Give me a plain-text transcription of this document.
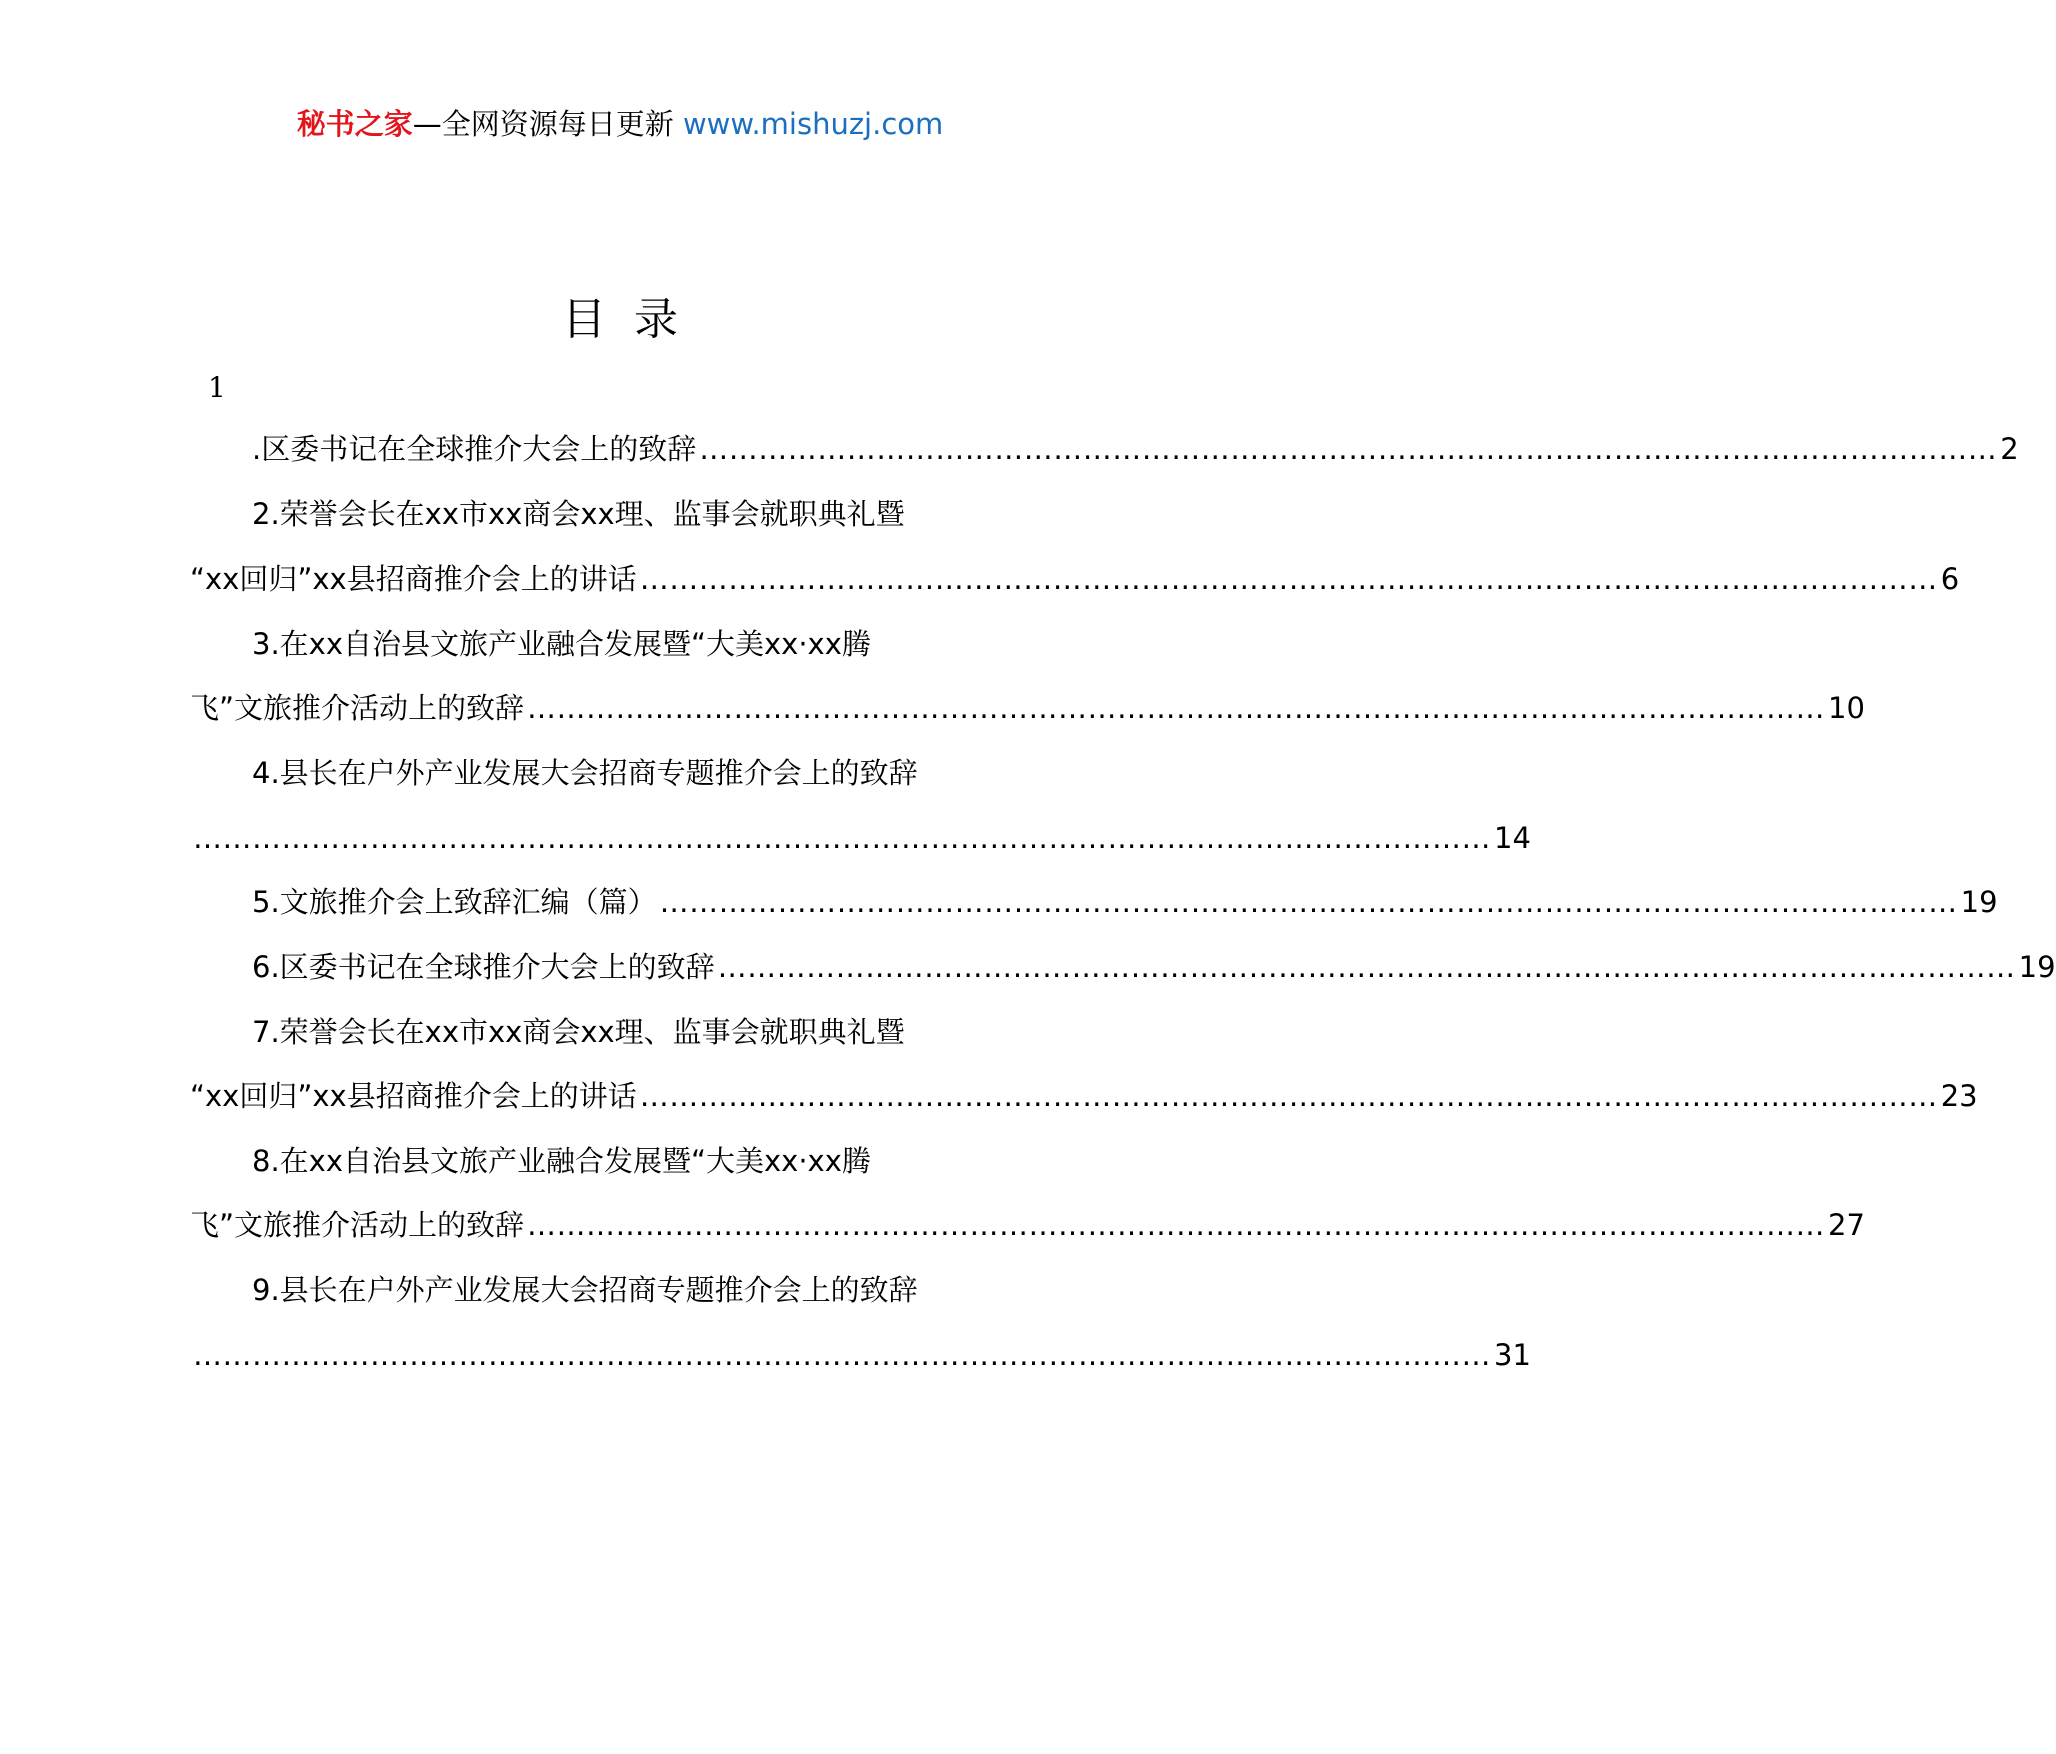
秘书之家—全网资源每日更新 www.mishuzj.com
目录
1
.区委书记在全球推介大会上的致辞 …………………………………………………………………………………………………………………… 2
2.荣誉会长在xx市xx商会xx理、监事会就职典礼暨
“xx回归”xx县招商推介会上的讲话 …………………………………………………………………………………………………………………… 6
3.在xx自治县文旅产业融合发展暨“大美xx·xx腾
飞”文旅推介活动上的致辞 …………………………………………………………………………………………………………………… 10
4.县长在户外产业发展大会招商专题推介会上的致辞
…………………………………………………………………………………………………………………… 14
5.文旅推介会上致辞汇编（篇） …………………………………………………………………………………………………………………… 19
6.区委书记在全球推介大会上的致辞 …………………………………………………………………………………………………………………… 19
7.荣誉会长在xx市xx商会xx理、监事会就职典礼暨
“xx回归”xx县招商推介会上的讲话 …………………………………………………………………………………………………………………… 23
8.在xx自治县文旅产业融合发展暨“大美xx·xx腾
飞”文旅推介活动上的致辞 …………………………………………………………………………………………………………………… 27
9.县长在户外产业发展大会招商专题推介会上的致辞
…………………………………………………………………………………………………………………… 31
